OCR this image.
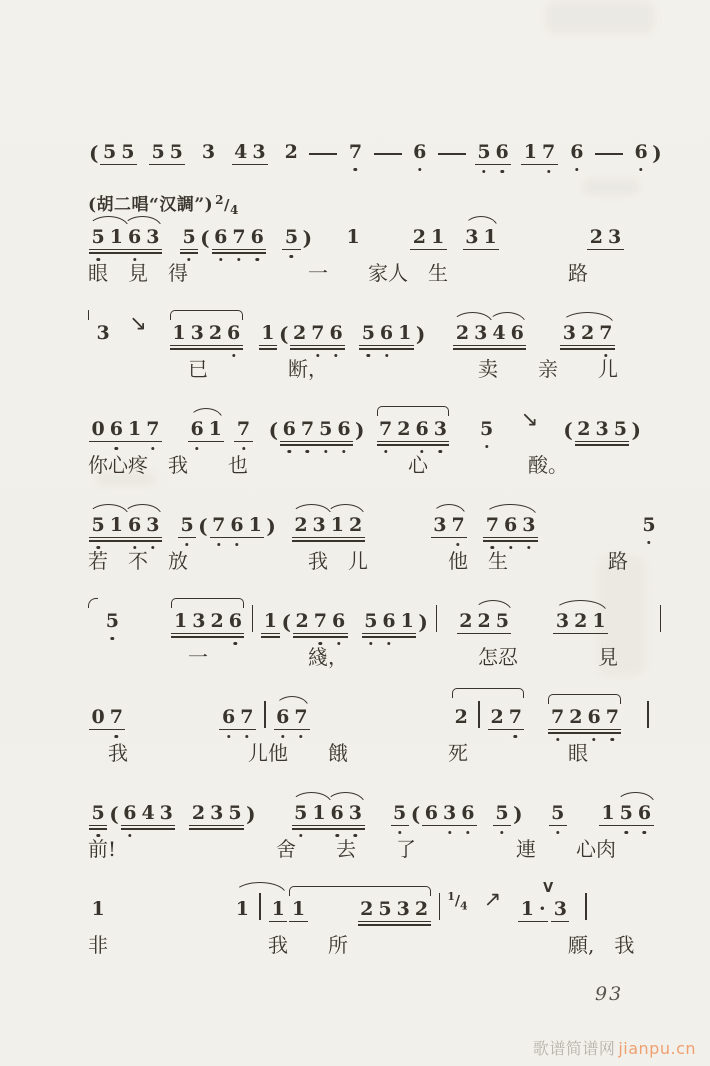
( 5 5 5 5 3 4 3 2	7	6	5 6 1 7 6	6 )
(胡二唱“汉調”) $^2/_4$
5 1 6 3 5 ( 6 7 6 5 ) 1	2 1 3 1	2 3
眼　見　得　　　　　　一　　家人　生　　　　　　路
3 ↘ 1 3 2 6 1 ( 2 7 6 5 6 1 ) 2 3 4 6 3 2 7
　　　　　已　　　　断，　　　　　　　　卖　　亲　　儿
0 6 1 7 6 1 7 ( 6 7 5 6 ) 7 2 6 3 5 ↘ ( 2 3 5 )
你心疼　我　　也　　　　　　　　心　　　　　酸。
5 1 6 3 5 ( 7 6 1 ) 2 3 1 2	3 7 7 6 3	5
若　不　放　　　　　　我　儿　　　　他　生　　　　　路
5	1 3 2 6 1 ( 2 7 6 5 6 1 ) 2 2 5 3 2 1
　　　　　一　　　　　綫，　　　　　　　怎忍　　　　見
0 7	6 7 6 7	2 2 7 7 2 6 7
　我　　　　　　儿他　　餓　　　　　死　　　　　眼
5 ( 6 4 3 2 3 5 ) 5 1 6 3 5 ( 6 3 6 5 ) 5 1 5 6
前!　　　　　　　　舍　　去　　了　　　　　連　　心肉
1	1 1 1	2 5 3 2
$^1/_4$ ↗ 1 ·
V
3
非　　　　　　　　我　　所　　　　　　　　　　　願,　我
93
歌谱简谱网 jianpu.cn
